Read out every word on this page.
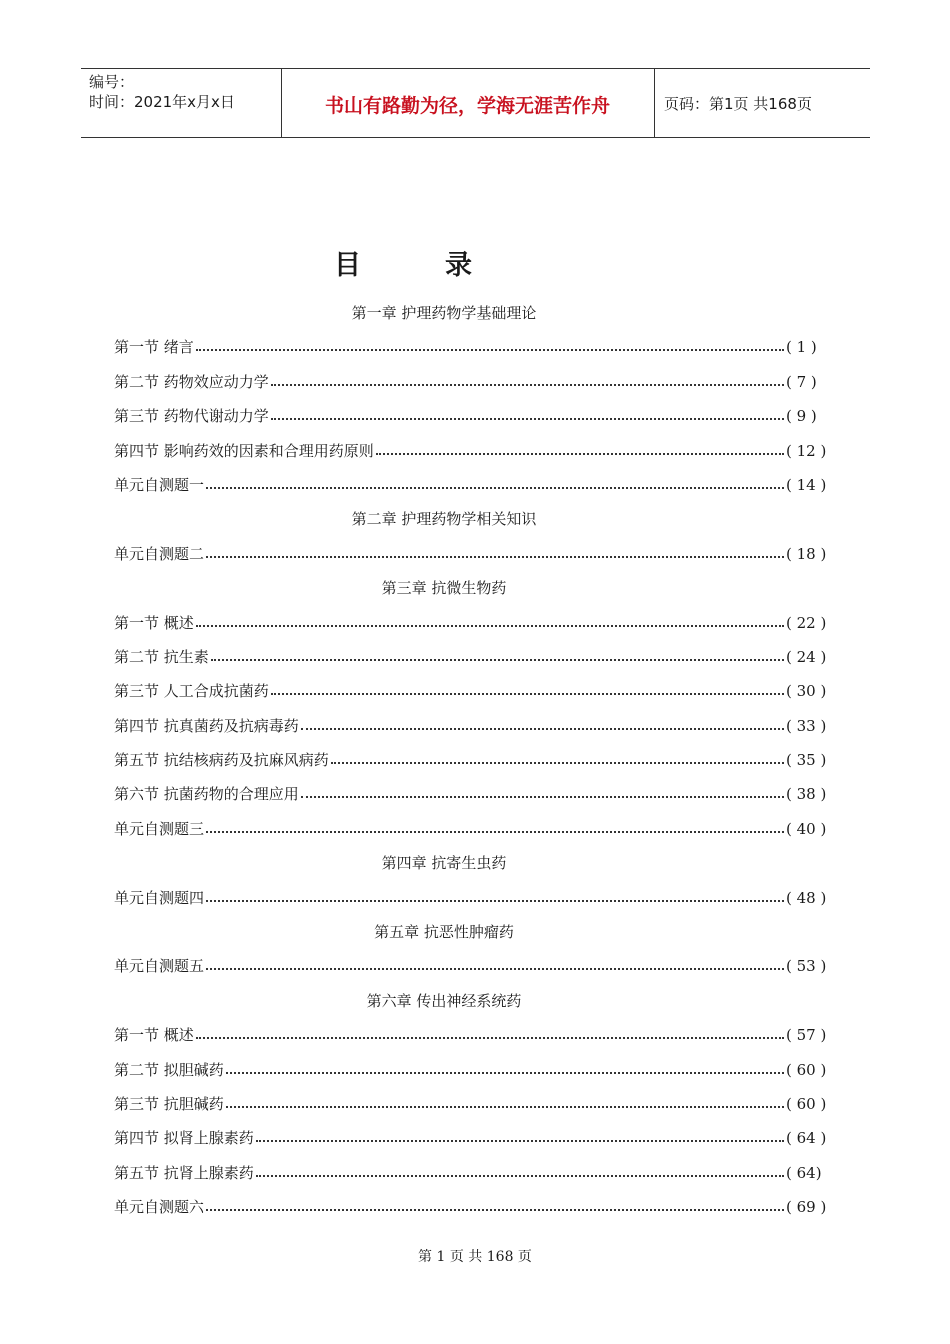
编号：
时间：2021年x月x日	书山有路勤为径，学海无涯苦作舟	页码：第1页 共168页
目录
第一章 护理药物学基础理论
第一节 绪言	( 1 )
第二节 药物效应动力学	( 7 )
第三节 药物代谢动力学	( 9 )
第四节 影响药效的因素和合理用药原则	( 12 )
单元自测题一	( 14 )
第二章 护理药物学相关知识
单元自测题二	( 18 )
第三章 抗微生物药
第一节 概述	( 22 )
第二节 抗生素	( 24 )
第三节 人工合成抗菌药	( 30 )
第四节 抗真菌药及抗病毒药	( 33 )
第五节 抗结核病药及抗麻风病药	( 35 )
第六节 抗菌药物的合理应用	( 38 )
单元自测题三	( 40 )
第四章 抗寄生虫药
单元自测题四	( 48 )
第五章 抗恶性肿瘤药
单元自测题五	( 53 )
第六章 传出神经系统药
第一节 概述	( 57 )
第二节 拟胆碱药	( 60 )
第三节 抗胆碱药	( 60 )
第四节 拟肾上腺素药	( 64 )
第五节 抗肾上腺素药	( 64)
单元自测题六	( 69 )
第 1 页 共 168 页
